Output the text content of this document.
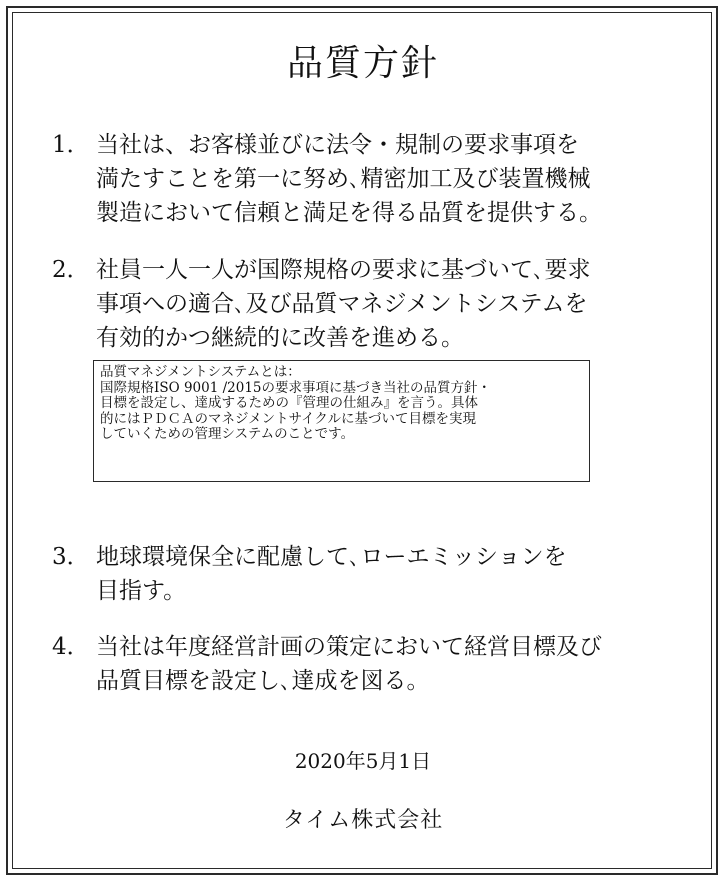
品質方針
1． 当社は、お客様並びに法令・規制の要求事項を
満たすことを第一に努め､精密加工及び装置機械
製造において信頼と満足を得る品質を提供する。
2． 社員一人一人が国際規格の要求に基づいて､要求
事項への適合､及び品質マネジメントシステムを
有効的かつ継続的に改善を進める。
品質マネジメントシステムとは：
国際規格ISO 9001 /2015の要求事項に基づき当社の品質方針・
目標を設定し、達成するための『管理の仕組み』を言う。具体
的にはＰＤＣＡのマネジメントサイクルに基づいて目標を実現
していくための管理システムのことです。
3． 地球環境保全に配慮して､ローエミッションを
目指す。
4． 当社は年度経営計画の策定において経営目標及び
品質目標を設定し､達成を図る。
2020年5月1日
タイム株式会社
